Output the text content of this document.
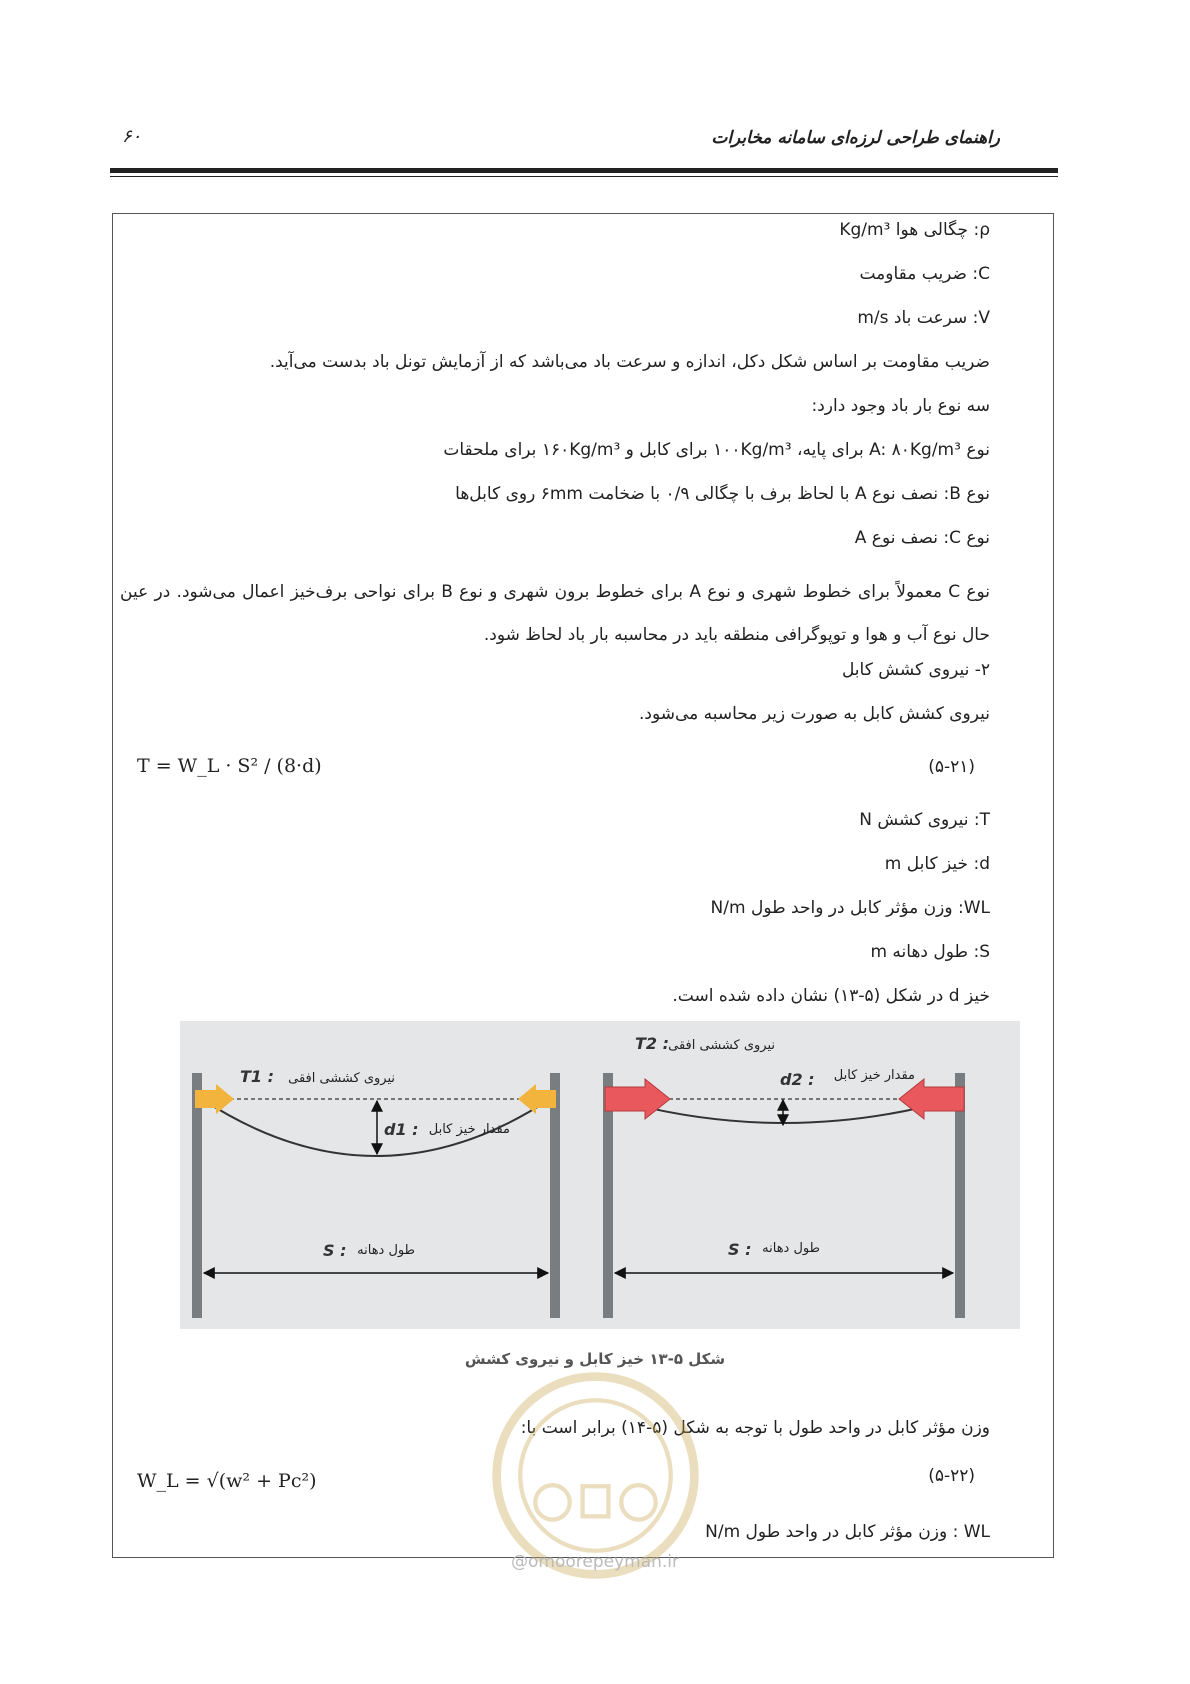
راهنمای طراحی لرزه‌ای سامانه مخابرات
۶۰
ρ: چگالی هوا Kg/m³
C: ضریب مقاومت
V: سرعت باد m/s
ضریب مقاومت بر اساس شکل دکل، اندازه و سرعت باد می‌باشد که از آزمایش تونل باد بدست می‌آید.
سه نوع بار باد وجود دارد:
نوع A: ۸۰Kg/m³ برای پایه، ۱۰۰Kg/m³ برای کابل و ۱۶۰Kg/m³ برای ملحقات
نوع B: نصف نوع A با لحاظ برف با چگالی ۰/۹ با ضخامت ۶mm روی کابل‌ها
نوع C: نصف نوع A
نوع C معمولاً برای خطوط شهری و نوع A برای خطوط برون شهری و نوع B برای نواحی برف‌خیز اعمال می‌شود. در عین حال نوع آب و هوا و توپوگرافی منطقه باید در محاسبه بار باد لحاظ شود.
۲- نیروی کشش کابل
نیروی کشش کابل به صورت زیر محاسبه می‌شود.
T = W_L · S² / (8·d)	(۵-۲۱)
T: نیروی کشش N
d: خیز کابل m
WL: وزن مؤثر کابل در واحد طول N/m
S: طول دهانه m
خیز d در شکل (۵-۱۳) نشان داده شده است.
نیروی کششی افقی
T1 :
مقدار خیز کابل
d1 :
طول دهانه
S :
نیروی کششی افقی
T2 :
مقدار خیز کابل
d2 :
طول دهانه
S :
شکل ۵-۱۳ خیز کابل و نیروی کشش
وزن مؤثر کابل در واحد طول با توجه به شکل (۵-۱۴) برابر است با:
W_L = √(w² + Pc²)	(۵-۲۲)
WL : وزن مؤثر کابل در واحد طول N/m
@omoorepeyman.ir
